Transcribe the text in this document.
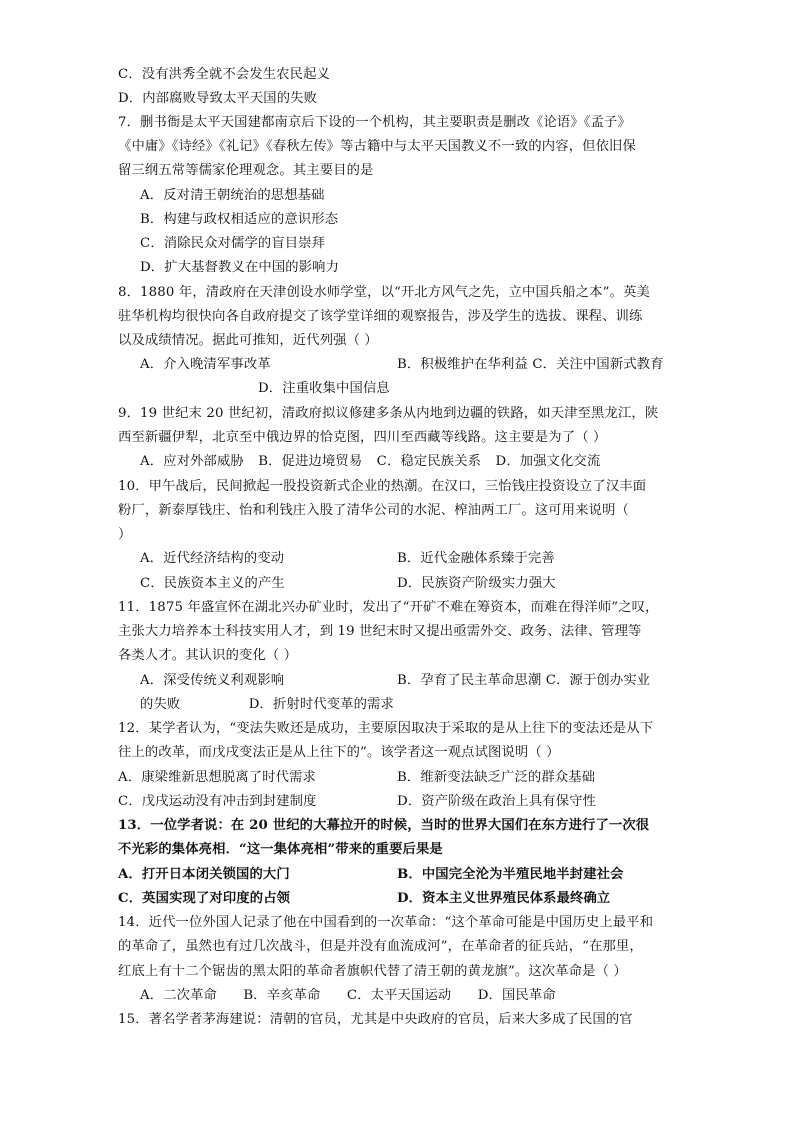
C．没有洪秀全就不会发生农民起义
D．内部腐败导致太平天国的失败
7．删书衙是太平天国建都南京后下设的一个机构，其主要职责是删改《论语》《孟子》
《中庸》《诗经》《礼记》《春秋左传》等古籍中与太平天国教义不一致的内容，但依旧保
留三纲五常等儒家伦理观念。其主要目的是
A．反对清王朝统治的思想基础
B．构建与政权相适应的意识形态
C．消除民众对儒学的盲目崇拜
D．扩大基督教义在中国的影响力
8．1880 年，清政府在天津创设水师学堂，以“开北方风气之先，立中国兵船之本”。英美
驻华机构均很快向各自政府提交了该学堂详细的观察报告，涉及学生的选拔、课程、训练
以及成绩情况。据此可推知，近代列强（ ）
A．介入晚清军事改革	B．积极维护在华利益 C．关注中国新式教育
D．注重收集中国信息
9．19 世纪末 20 世纪初，清政府拟议修建多条从内地到边疆的铁路，如天津至黑龙江，陕
西至新疆伊犁，北京至中俄边界的恰克图，四川至西藏等线路。这主要是为了（ ）
A．应对外部威胁 B．促进边境贸易 C．稳定民族关系 D．加强文化交流
10．甲午战后，民间掀起一股投资新式企业的热潮。在汉口，三怡钱庄投资设立了汉丰面
粉厂，新泰厚钱庄、怡和利钱庄入股了清华公司的水泥、榨油两工厂。这可用来说明（
）
A．近代经济结构的变动	B．近代金融体系臻于完善
C．民族资本主义的产生	D．民族资产阶级实力强大
11．1875 年盛宣怀在湖北兴办矿业时，发出了“开矿不难在筹资本，而难在得洋师”之叹，
主张大力培养本土科技实用人才，到 19 世纪末时又提出亟需外交、政务、法律、管理等
各类人才。其认识的变化（ ）
A．深受传统义利观影响	B．孕育了民主革命思潮 C．源于创办实业
的失败 D．折射时代变革的需求
12．某学者认为，“变法失败还是成功，主要原因取决于采取的是从上往下的变法还是从下
往上的改革，而戊戌变法正是从上往下的”。该学者这一观点试图说明（ ）
A．康梁维新思想脱离了时代需求	B．维新变法缺乏广泛的群众基础
C．戊戌运动没有冲击到封建制度	D．资产阶级在政治上具有保守性
13．一位学者说：在 20 世纪的大幕拉开的时候，当时的世界大国们在东方进行了一次很
不光彩的集体亮相．“这一集体亮相”带来的重要后果是
A．打开日本闭关锁国的大门	B．中国完全沦为半殖民地半封建社会
C．英国实现了对印度的占领	D．资本主义世界殖民体系最终确立
14．近代一位外国人记录了他在中国看到的一次革命：“这个革命可能是中国历史上最平和
的革命了，虽然也有过几次战斗，但是并没有血流成河”，在革命者的征兵站，“在那里，
红底上有十二个锯齿的黑太阳的革命者旗帜代替了清王朝的黄龙旗”。这次革命是（ ）
A．二次革命 B．辛亥革命 C．太平天国运动 D．国民革命
15．著名学者茅海建说：清朝的官员，尤其是中央政府的官员，后来大多成了民国的官
